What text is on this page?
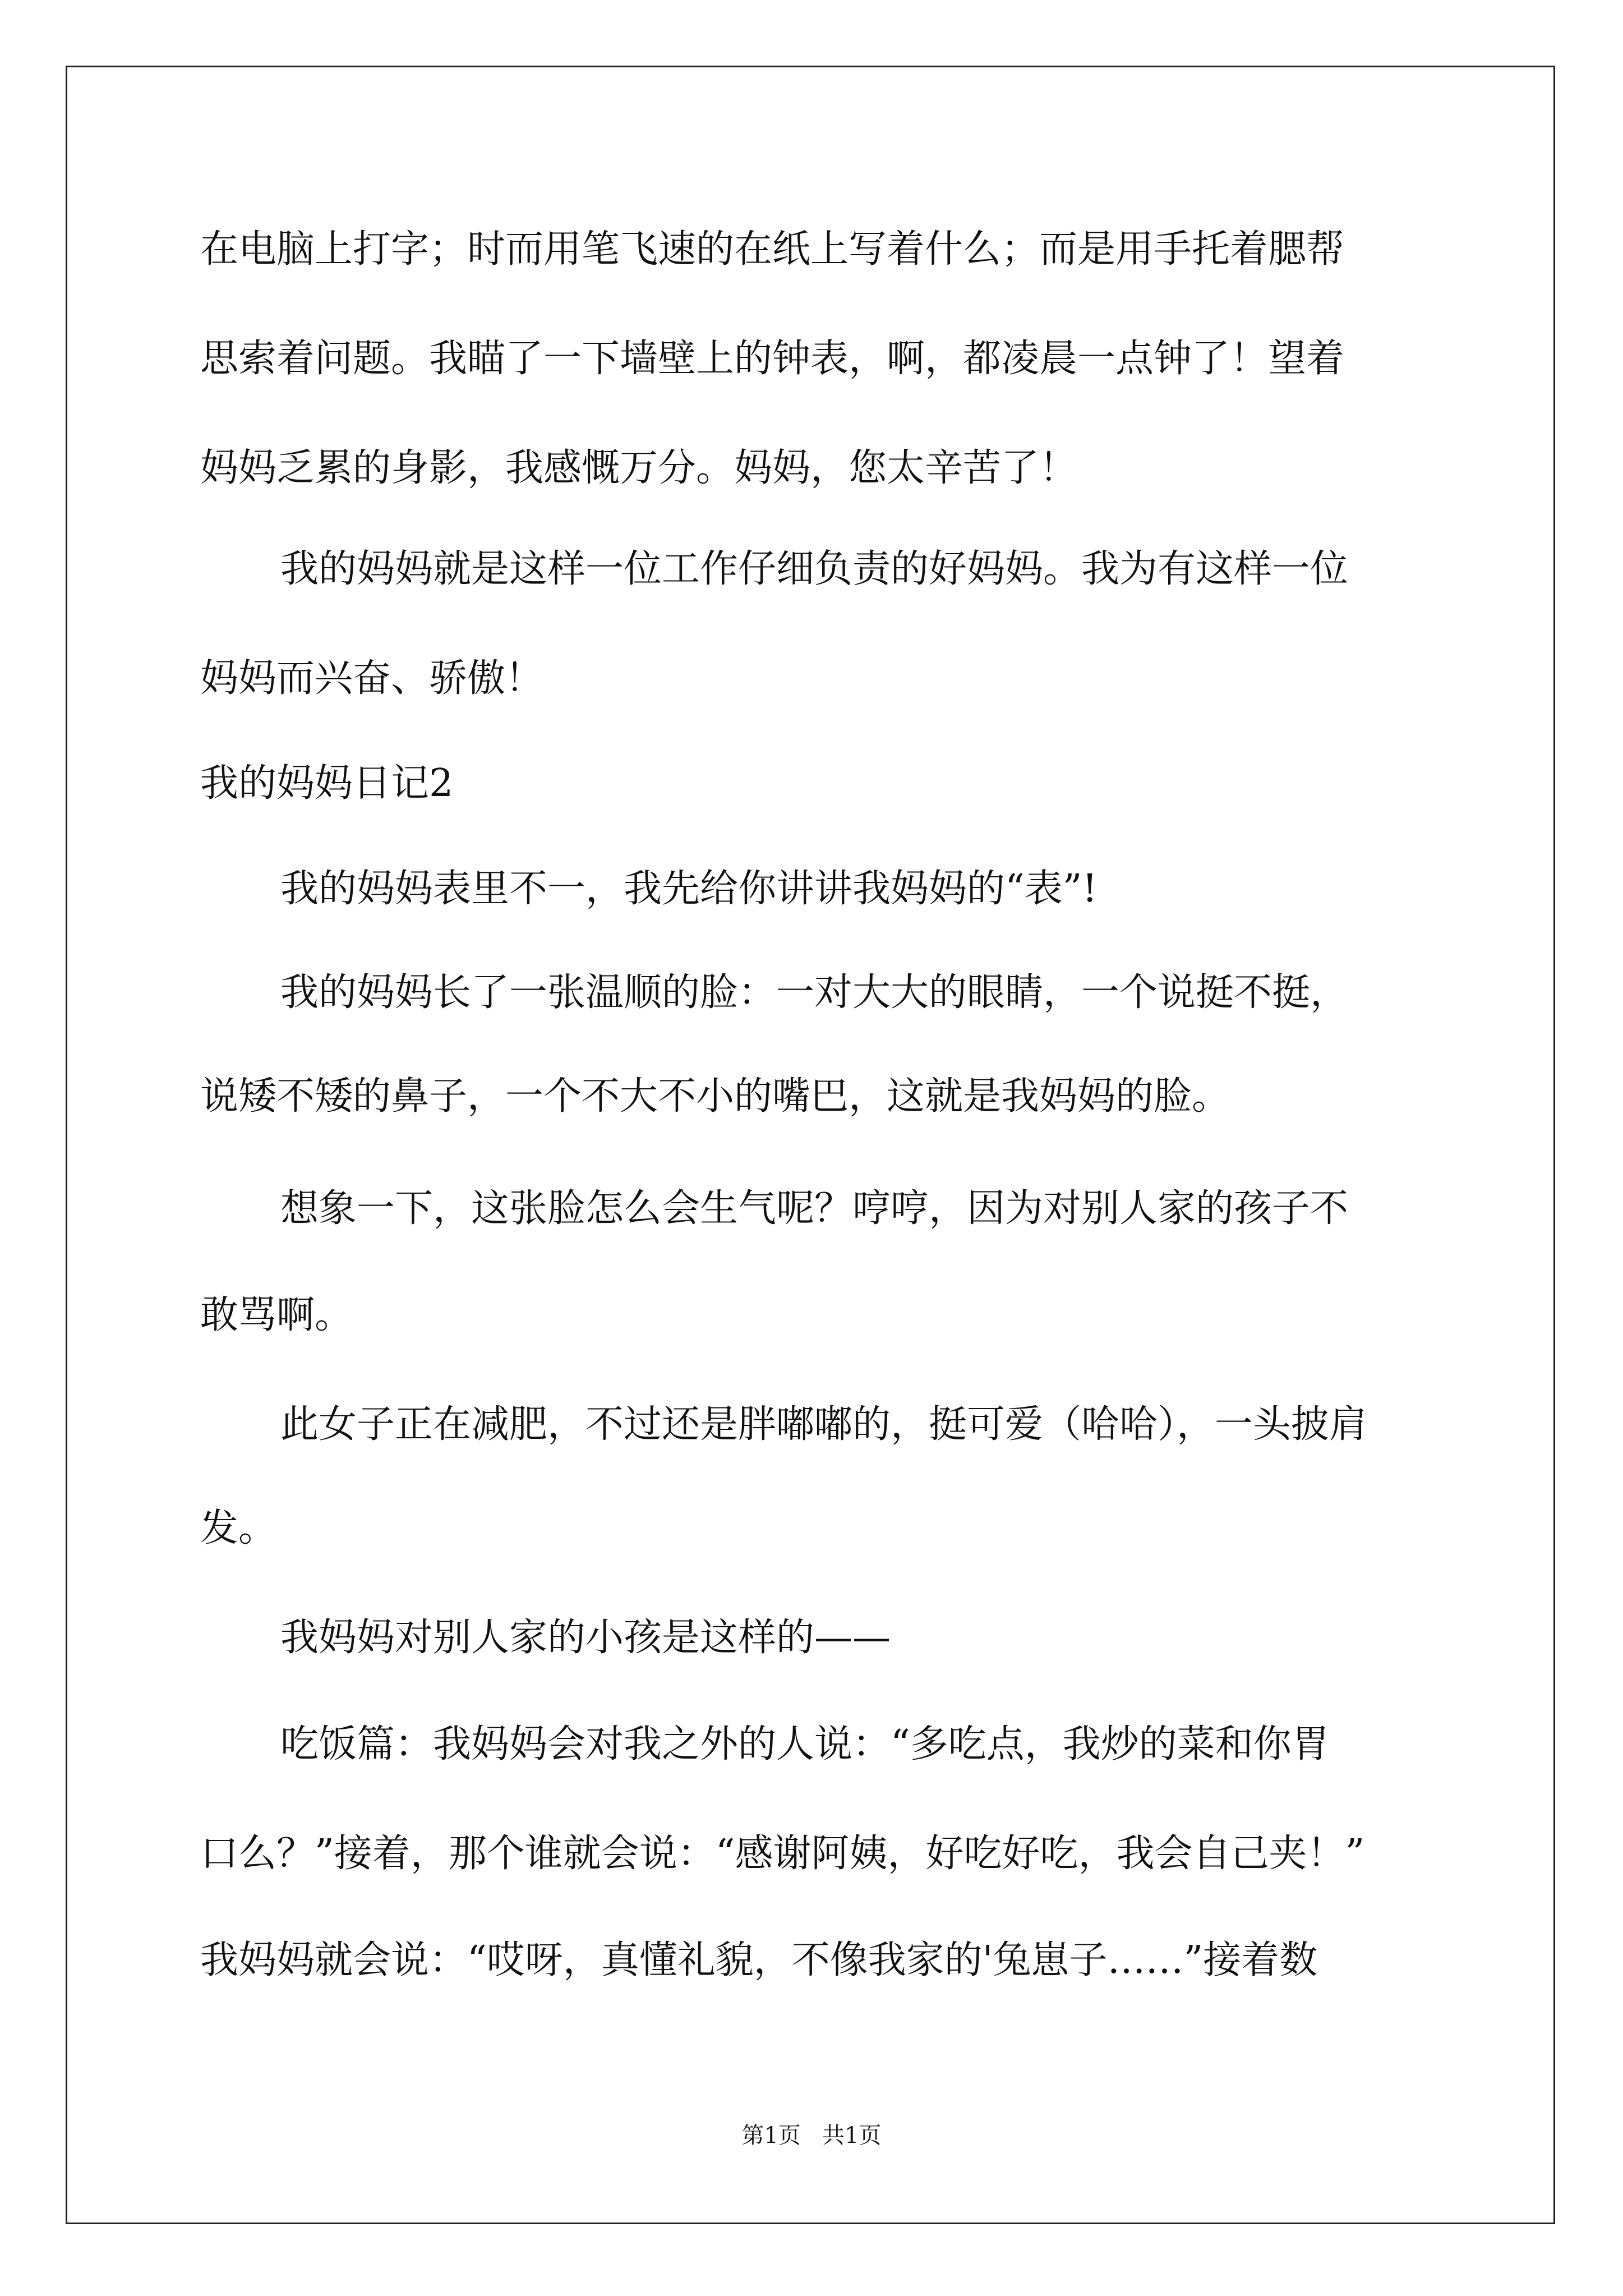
在电脑上打字；时而用笔飞速的在纸上写着什么；而是用手托着腮帮
思索着问题。我瞄了一下墙壁上的钟表，啊，都凌晨一点钟了！望着
妈妈乏累的身影，我感慨万分。妈妈，您太辛苦了！
我的妈妈就是这样一位工作仔细负责的好妈妈。我为有这样一位
妈妈而兴奋、骄傲！
我的妈妈日记2
我的妈妈表里不一，我先给你讲讲我妈妈的“表”!
我的妈妈长了一张温顺的脸：一对大大的眼睛，一个说挺不挺，
说矮不矮的鼻子，一个不大不小的嘴巴，这就是我妈妈的脸。
想象一下，这张脸怎么会生气呢？哼哼，因为对别人家的孩子不
敢骂啊。
此女子正在减肥，不过还是胖嘟嘟的，挺可爱（哈哈），一头披肩
发。
我妈妈对别人家的小孩是这样的——
吃饭篇：我妈妈会对我之外的人说：“多吃点，我炒的菜和你胃
口么？”接着，那个谁就会说：“感谢阿姨，好吃好吃，我会自己夹！”
我妈妈就会说：“哎呀，真懂礼貌，不像我家的'兔崽子……”接着数
第1页   共1页
